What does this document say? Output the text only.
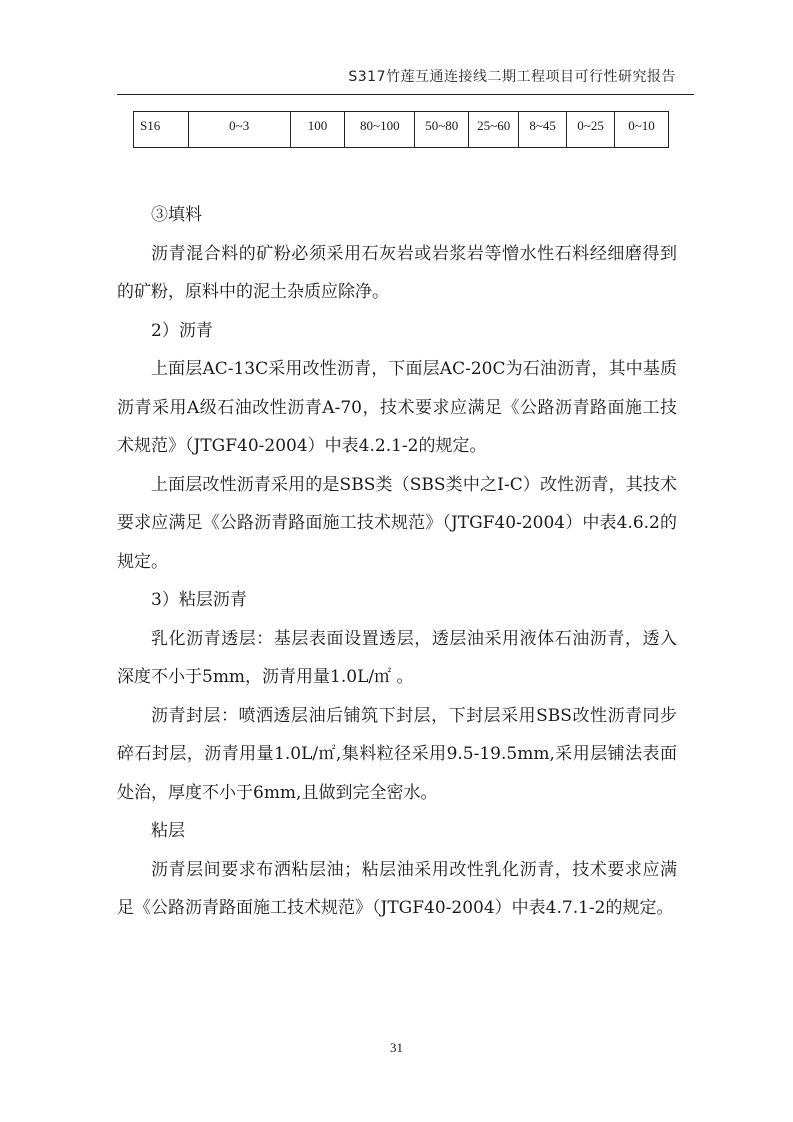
S317竹莲互通连接线二期工程项目可行性研究报告
S16	0~3	100	80~100	50~80	25~60	8~45	0~25	0~10

③填料

沥青混合料的矿粉必须采用石灰岩或岩浆岩等憎水性石料经细磨得到的矿粉，原料中的泥土杂质应除净。

2）沥青

上面层AC-13C采用改性沥青，下面层AC-20C为石油沥青，其中基质沥青采用A级石油改性沥青A-70，技术要求应满足《公路沥青路面施工技术规范》（JTGF40-2004）中表4.2.1-2的规定。

上面层改性沥青采用的是SBS类（SBS类中之Ⅰ-C）改性沥青，其技术要求应满足《公路沥青路面施工技术规范》（JTGF40-2004）中表4.6.2的规定。

3）粘层沥青

乳化沥青透层：基层表面设置透层，透层油采用液体石油沥青，透入深度不小于5mm，沥青用量1.0L/㎡ 。

沥青封层：喷洒透层油后铺筑下封层，下封层采用SBS改性沥青同步碎石封层，沥青用量1.0L/㎡,集料粒径采用9.5-19.5mm,采用层铺法表面处治，厚度不小于6mm,且做到完全密水。

粘层

沥青层间要求布洒粘层油；粘层油采用改性乳化沥青，技术要求应满足《公路沥青路面施工技术规范》（JTGF40-2004）中表4.7.1-2的规定。

31
